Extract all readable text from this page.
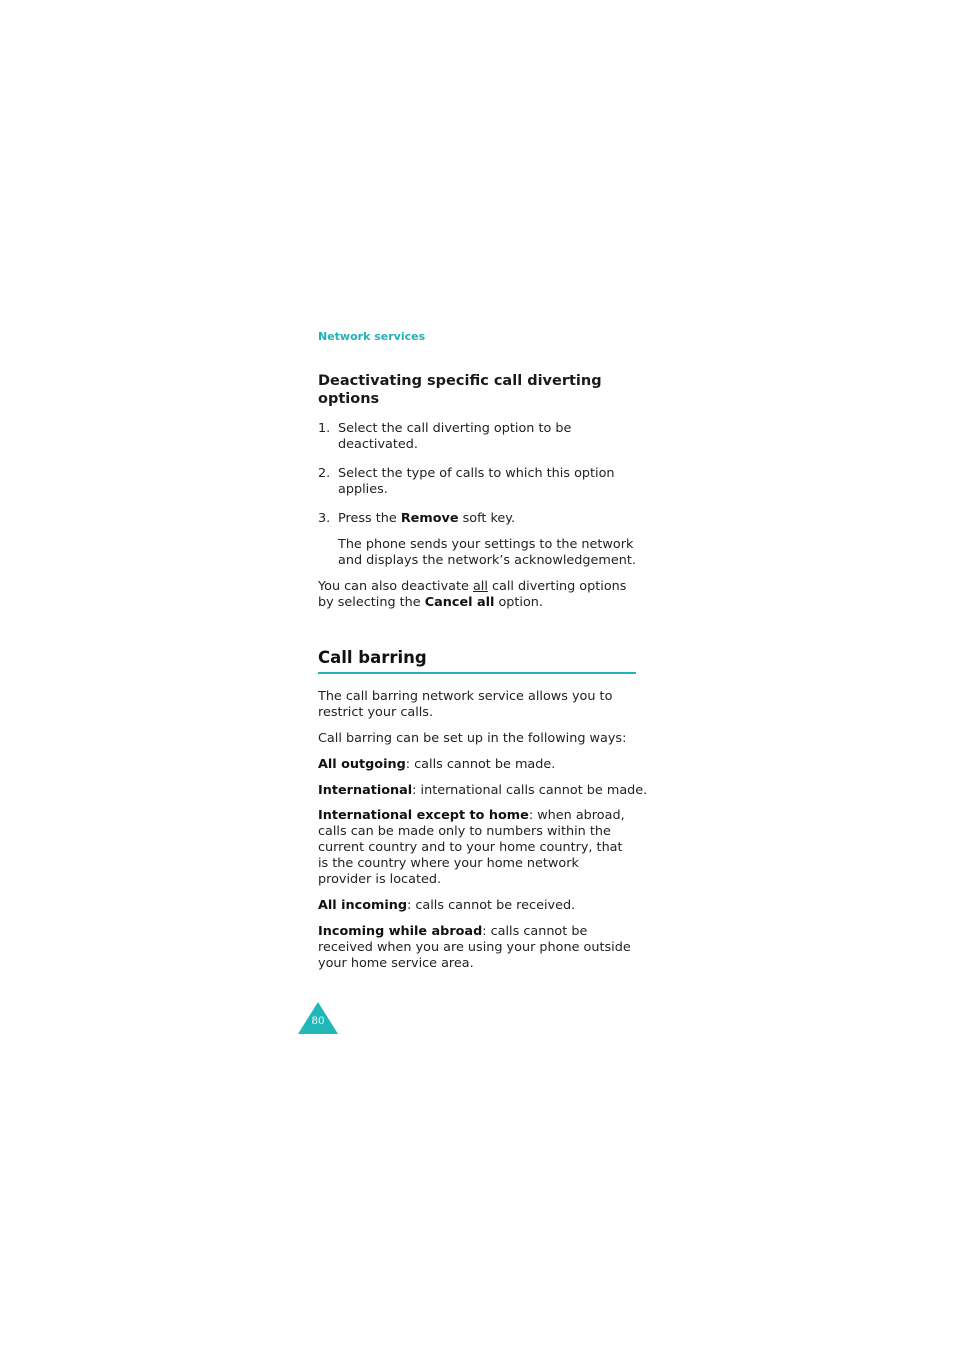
Network services
Deactivating specific call diverting options
1. Select the call diverting option to be deactivated.
2. Select the type of calls to which this option applies.
3. Press the Remove soft key.
The phone sends your settings to the network and displays the network’s acknowledgement.
You can also deactivate all call diverting options by selecting the Cancel all option.
Call barring
The call barring network service allows you to restrict your calls.
Call barring can be set up in the following ways:
All outgoing: calls cannot be made.
International: international calls cannot be made.
International except to home: when abroad, calls can be made only to numbers within the current country and to your home country, that is the country where your home network provider is located.
All incoming: calls cannot be received.
Incoming while abroad: calls cannot be received when you are using your phone outside your home service area.
80
